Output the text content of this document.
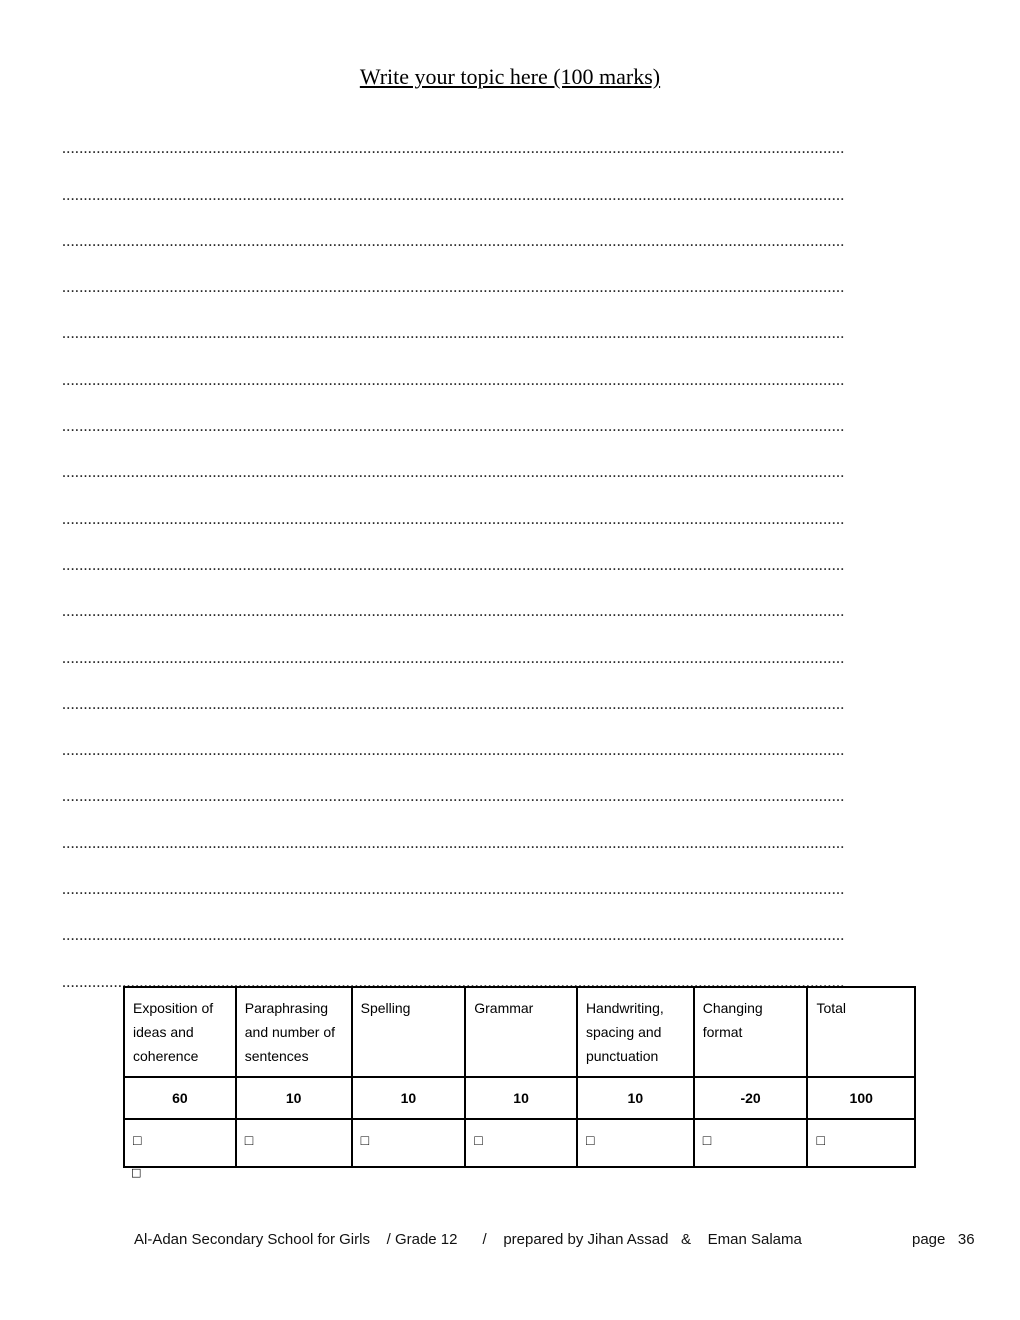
Write your topic here (100 marks)
......................................................................................................................................................................................
......................................................................................................................................................................................
......................................................................................................................................................................................
......................................................................................................................................................................................
......................................................................................................................................................................................
......................................................................................................................................................................................
......................................................................................................................................................................................
......................................................................................................................................................................................
......................................................................................................................................................................................
......................................................................................................................................................................................
......................................................................................................................................................................................
......................................................................................................................................................................................
......................................................................................................................................................................................
......................................................................................................................................................................................
......................................................................................................................................................................................
......................................................................................................................................................................................
......................................................................................................................................................................................
......................................................................................................................................................................................
......................................................................................................................................................................................
Exposition of ideas and coherence	Paraphrasing and number of sentences	Spelling	Grammar	Handwriting, spacing and punctuation	Changing format	Total
60	10	10	10	10	-20	100
□	□	□	□	□	□	□
□
Al-Adan Secondary School for Girls    / Grade 12      /    prepared by Jihan Assad   &    Eman Salama	page   36
